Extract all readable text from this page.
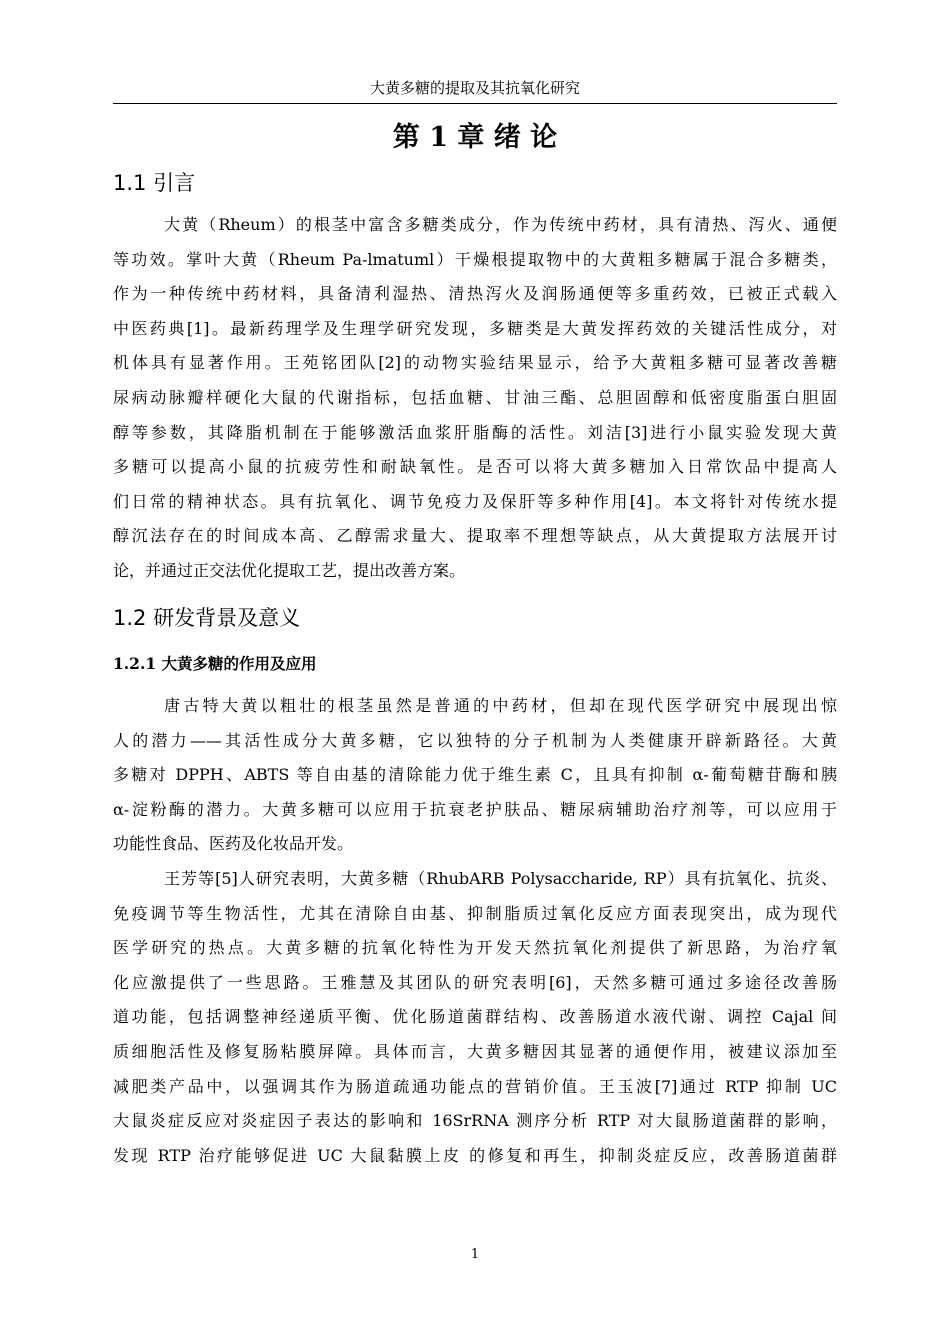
大黄多糖的提取及其抗氧化研究
第 1 章 绪 论
1.1 引言
大黄（Rheum）的根茎中富含多糖类成分，作为传统中药材，具有清热、泻火、通便
等功效。掌叶大黄（Rheum Pa-lmatuml）干燥根提取物中的大黄粗多糖属于混合多糖类，
作为一种传统中药材料，具备清利湿热、清热泻火及润肠通便等多重药效，已被正式载入
中医药典[1]。最新药理学及生理学研究发现，多糖类是大黄发挥药效的关键活性成分，对
机体具有显著作用。王苑铭团队[2]的动物实验结果显示，给予大黄粗多糖可显著改善糖
尿病动脉瓣样硬化大鼠的代谢指标，包括血糖、甘油三酯、总胆固醇和低密度脂蛋白胆固
醇等参数，其降脂机制在于能够激活血浆肝脂酶的活性。刘洁[3]进行小鼠实验发现大黄
多糖可以提高小鼠的抗疲劳性和耐缺氧性。是否可以将大黄多糖加入日常饮品中提高人
们日常的精神状态。具有抗氧化、调节免疫力及保肝等多种作用[4]。本文将针对传统水提
醇沉法存在的时间成本高、乙醇需求量大、提取率不理想等缺点，从大黄提取方法展开讨
论，并通过正交法优化提取工艺，提出改善方案。
1.2 研发背景及意义
1.2.1 大黄多糖的作用及应用
唐古特大黄以粗壮的根茎虽然是普通的中药材，但却在现代医学研究中展现出惊
人的潜力——其活性成分大黄多糖，它以独特的分子机制为人类健康开辟新路径。大黄
多糖对 DPPH、ABTS 等自由基的清除能力优于维生素 C，且具有抑制 α-葡萄糖苷酶和胰
α-淀粉酶的潜力。大黄多糖可以应用于抗衰老护肤品、糖尿病辅助治疗剂等，可以应用于
功能性食品、医药及化妆品开发。
王芳等[5]人研究表明，大黄多糖（RhubARB Polysaccharide, RP）具有抗氧化、抗炎、
免疫调节等生物活性，尤其在清除自由基、抑制脂质过氧化反应方面表现突出，成为现代
医学研究的热点。大黄多糖的抗氧化特性为开发天然抗氧化剂提供了新思路，为治疗氧
化应激提供了一些思路。王雅慧及其团队的研究表明[6]，天然多糖可通过多途径改善肠
道功能，包括调整神经递质平衡、优化肠道菌群结构、改善肠道水液代谢、调控 Cajal 间
质细胞活性及修复肠粘膜屏障。具体而言，大黄多糖因其显著的通便作用，被建议添加至
减肥类产品中，以强调其作为肠道疏通功能点的营销价值。王玉波[7]通过 RTP 抑制 UC
大鼠炎症反应对炎症因子表达的影响和 16SrRNA 测序分析 RTP 对大鼠肠道菌群的影响，
发现 RTP 治疗能够促进 UC 大鼠黏膜上皮 的修复和再生，抑制炎症反应，改善肠道菌群
1
